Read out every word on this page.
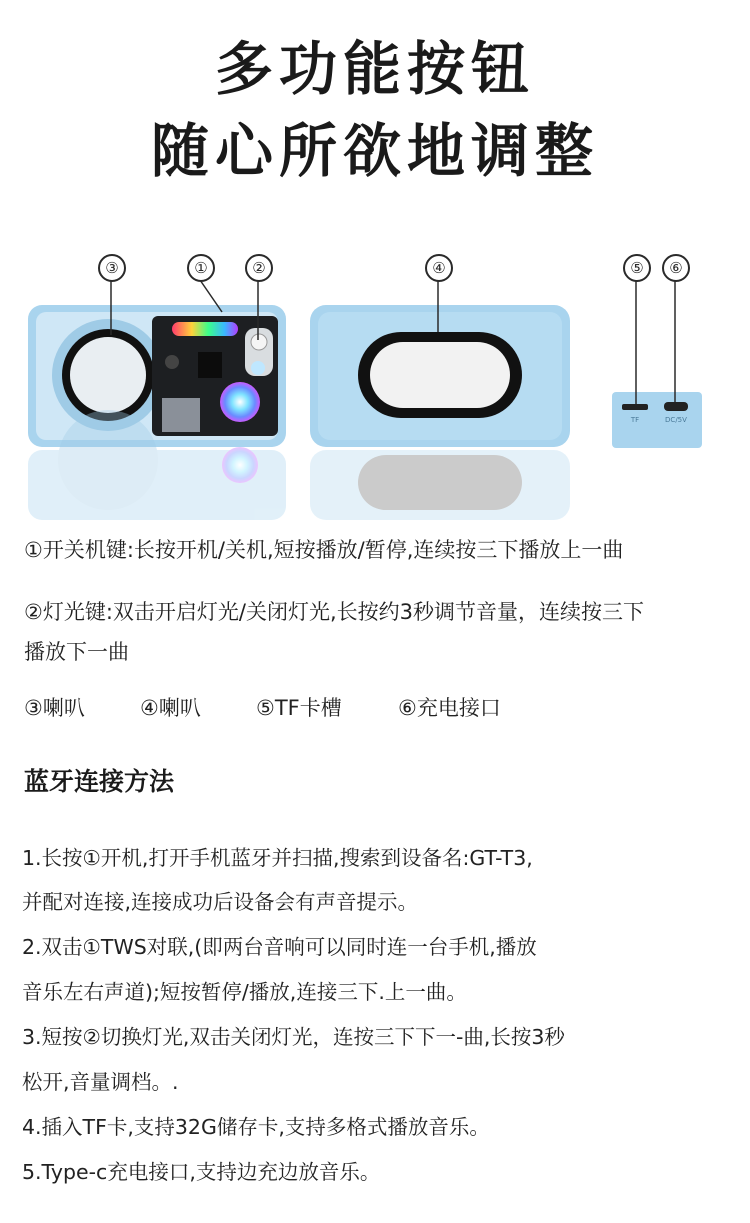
多功能按钮
随心所欲地调整
TF	DC/5V
③	①	②	④	⑤	⑥
①开关机键:长按开机/关机,短按播放/暂停,连续按三下播放上一曲
②灯光键:双击开启灯光/关闭灯光,长按约3秒调节音量，连续按三下
播放下一曲
③喇叭	④喇叭	⑤TF卡槽	⑥充电接口
蓝牙连接方法
1.长按①开机,打开手机蓝牙并扫描,搜索到设备名:GT-T3,
并配对连接,连接成功后设备会有声音提示。
2.双击①TWS对联,(即两台音响可以同时连一台手机,播放
音乐左右声道);短按暂停/播放,连接三下.上一曲。
3.短按②切换灯光,双击关闭灯光，连按三下下一-曲,长按3秒
松开,音量调档。.
4.插入TF卡,支持32G储存卡,支持多格式播放音乐。
5.Type-c充电接口,支持边充边放音乐。
